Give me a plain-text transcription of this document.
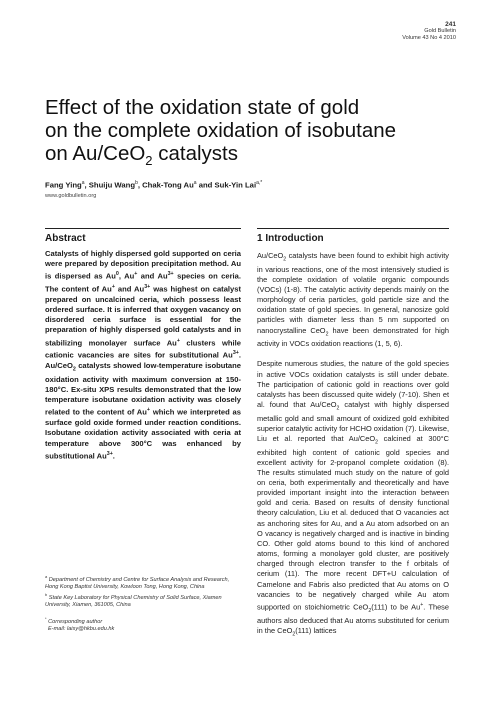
241
Gold Bulletin
Volume 43 No 4 2010
Effect of the oxidation state of gold
on the complete oxidation of isobutane
on Au/CeO$_2$ catalysts
Fang Ying$^a$, Shuiju Wang$^b$, Chak-Tong Au$^a$ and Suk-Yin Lai$^{a,*}$
www.goldbulletin.org
Abstract	1 Introduction

Catalysts of highly dispersed gold supported on ceria were prepared by deposition precipitation method. Au is dispersed as Au$^0$, Au+ and $Au^{3+}$ species on ceria. The content of Au+ and $Au^{3+}$ was highest on catalyst prepared on uncalcined ceria, which possess least ordered surface. It is inferred that oxygen vacancy on disordered ceria surface is essential for the preparation of highly dispersed gold catalysts and in stabilizing monolayer surface Au+ clusters while cationic vacancies are sites for substitutional $Au^{3+}$. Au/CeO$_2$ catalysts showed low-temperature isobutane oxidation activity with maximum conversion at 150-180°C. Ex-situ XPS results demonstrated that the low temperature isobutane oxidation activity was closely related to the content of Au+ which we interpreted as surface gold oxide formed under reaction conditions. Isobutane oxidation activity associated with ceria at temperature above 300°C was enhanced by substitutional $Au^{3+}$.

$^a$ Department of Chemistry and Centre for Surface Analysis and Research, Hong Kong Baptist University, Kowloon Tong, Hong Kong, China
$^b$ State Key Laboratory for Physical Chemistry of Solid Surface, Xiamen University, Xiamen, 361005, China
* Corresponding author
E-mail: laisy@hkbu.edu.hk

Au/CeO$_2$ catalysts have been found to exhibit high activity in various reactions, one of the most intensively studied is the complete oxidation of volatile organic compounds (VOCs) (1-8). The catalytic activity depends mainly on the morphology of ceria particles, gold particle size and the oxidation state of gold species. In general, nanosize gold particles with diameter less than 5 nm supported on nanocrystalline CeO$_2$ have been demonstrated for high activity in VOCs oxidation reactions (1, 5, 6).

Despite numerous studies, the nature of the gold species in active VOCs oxidation catalysts is still under debate. The participation of cationic gold in reactions over gold catalysts has been discussed quite widely (7-10). Shen et al. found that Au/CeO$_2$ catalyst with highly dispersed metallic gold and small amount of oxidized gold exhibited superior catalytic activity for HCHO oxidation (7). Likewise, Liu et al. reported that Au/CeO$_2$ calcined at 300°C exhibited high content of cationic gold species and excellent activity for 2-propanol complete oxidation (8). The results stimulated much study on the nature of gold on ceria, both experimentally and theoretically and have provided important insight into the interaction between gold and ceria. Based on results of density functional theory calculation, Liu et al. deduced that O vacancies act as anchoring sites for Au, and a Au atom adsorbed on an O vacancy is negatively charged and is inactive in binding CO. Other gold atoms bound to this kind of anchored atoms, forming a monolayer gold cluster, are positively charged through electron transfer to the f orbitals of cerium (11). The more recent DFT+U calculation of Camelone and Fabris also predicted that Au atoms on O vacancies to be negatively charged while Au atom supported on stoichiometric CeO$_2$(111) to be Au+. These authors also deduced that Au atoms substituted for cerium in the CeO$_2$(111) lattices
